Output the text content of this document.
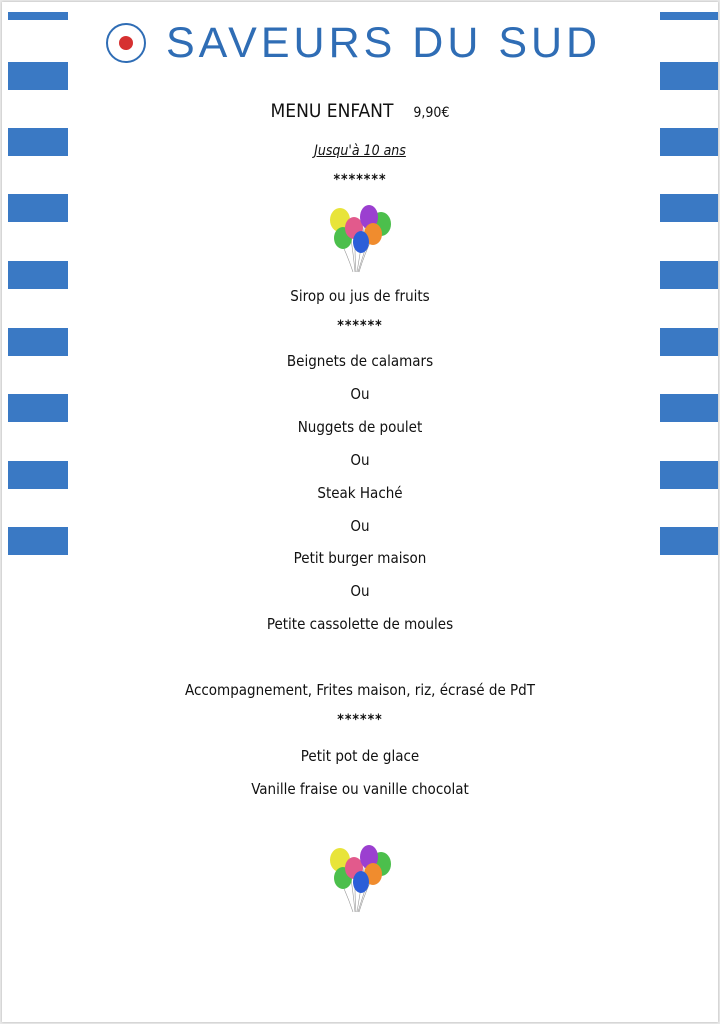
SAVEURS DU SUD
MENU ENFANT 9,90€
Jusqu'à 10 ans
*******
Sirop ou jus de fruits
******
Beignets de calamars
Ou
Nuggets de poulet
Ou
Steak Haché
Ou
Petit burger maison
Ou
Petite cassolette de moules
Accompagnement, Frites maison, riz, écrasé de PdT
******
Petit pot de glace
Vanille fraise ou vanille chocolat
